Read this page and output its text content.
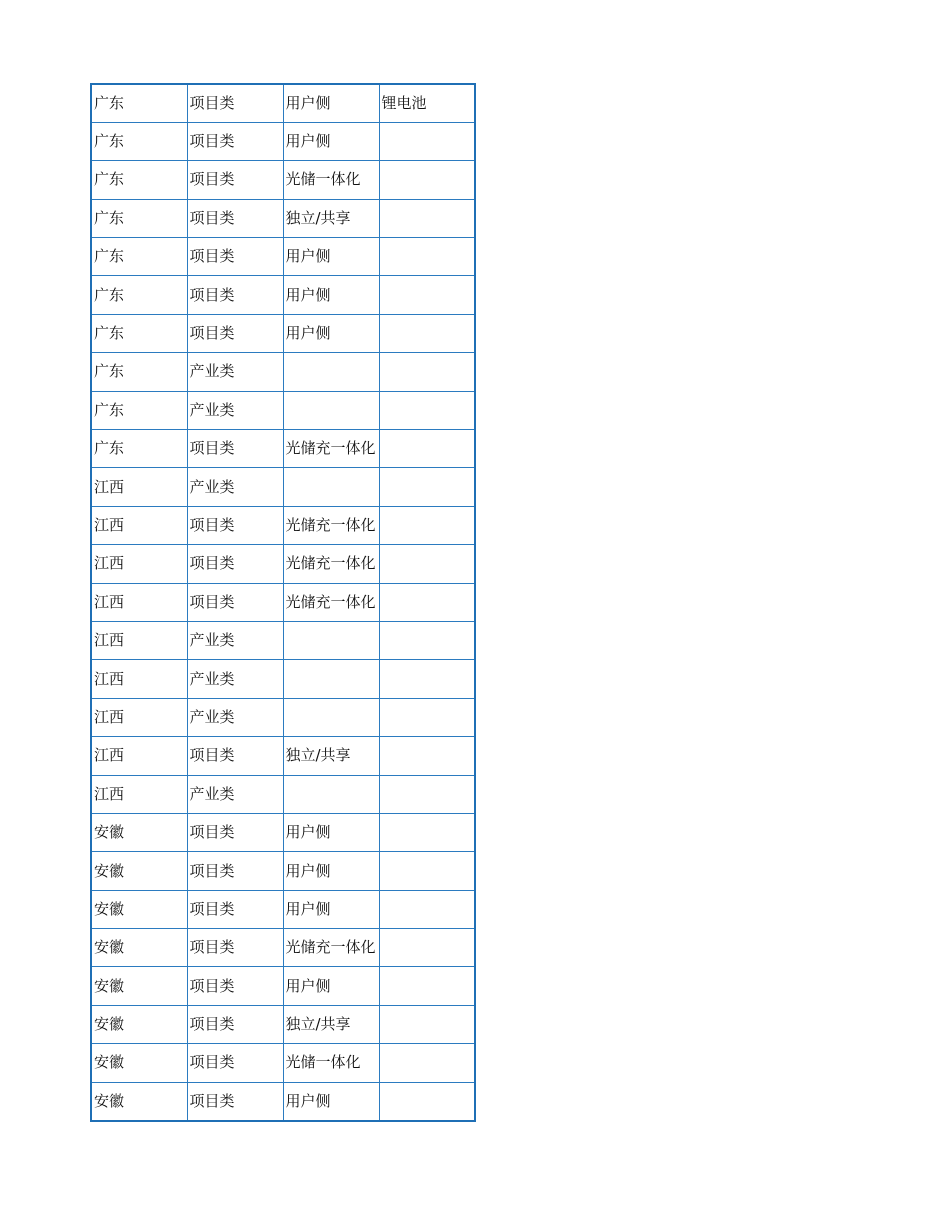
广东	项目类	用户侧	锂电池
广东	项目类	用户侧	
广东	项目类	光储一体化	
广东	项目类	独立/共享	
广东	项目类	用户侧	
广东	项目类	用户侧	
广东	项目类	用户侧	
广东	产业类		
广东	产业类		
广东	项目类	光储充一体化	
江西	产业类		
江西	项目类	光储充一体化	
江西	项目类	光储充一体化	
江西	项目类	光储充一体化	
江西	产业类		
江西	产业类		
江西	产业类		
江西	项目类	独立/共享	
江西	产业类		
安徽	项目类	用户侧	
安徽	项目类	用户侧	
安徽	项目类	用户侧	
安徽	项目类	光储充一体化	
安徽	项目类	用户侧	
安徽	项目类	独立/共享	
安徽	项目类	光储一体化	
安徽	项目类	用户侧	
